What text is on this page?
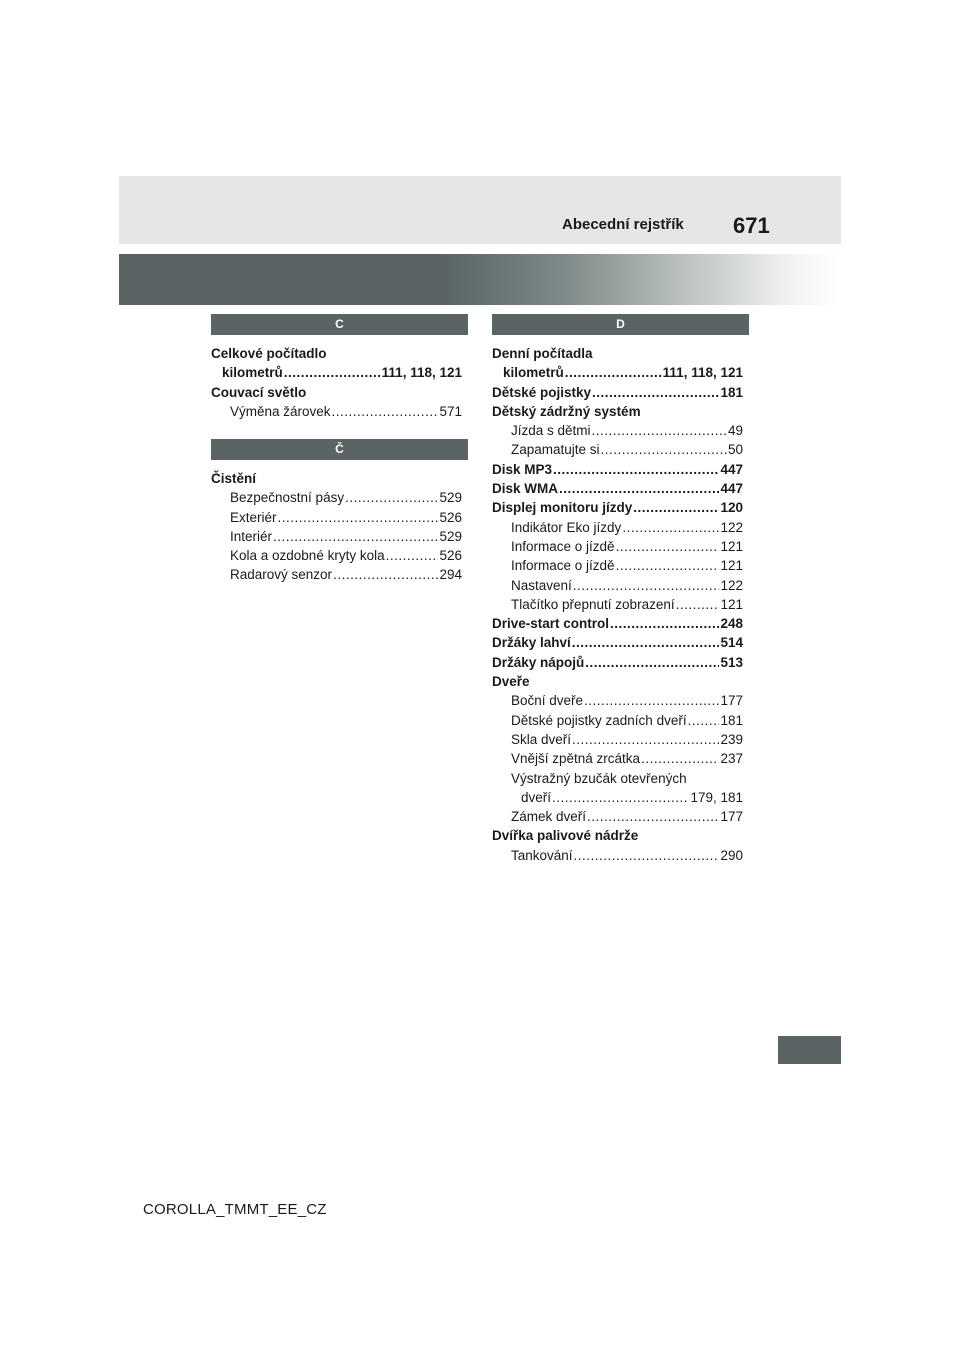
Abecední rejstřík 671
C
Celkové počítadlo
kilometrů .....	111, 118, 121
Couvací světlo
Výměna žárovek .....	571
Č
Čistění
Bezpečnostní pásy .....	529
Exteriér .....	526
Interiér .....	529
Kola a ozdobné kryty kola .....	526
Radarový senzor .....	294
D
Denní počítadla
kilometrů .....	111, 118, 121
Dětské pojistky .....	181
Dětský zádržný systém
Jízda s dětmi .....	49
Zapamatujte si .....	50
Disk MP3 .....	447
Disk WMA .....	447
Displej monitoru jízdy .....	120
Indikátor Eko jízdy .....	122
Informace o jízdě .....	121
Informace o jízdě .....	121
Nastavení .....	122
Tlačítko přepnutí zobrazení .....	121
Drive-start control .....	248
Držáky lahví .....	514
Držáky nápojů .....	513
Dveře
Boční dveře .....	177
Dětské pojistky zadních dveří .....	181
Skla dveří .....	239
Vnější zpětná zrcátka .....	237
Výstražný bzučák otevřených
dveří .....	179, 181
Zámek dveří .....	177
Dvířka palivové nádrže
Tankování .....	290
COROLLA_TMMT_EE_CZ
